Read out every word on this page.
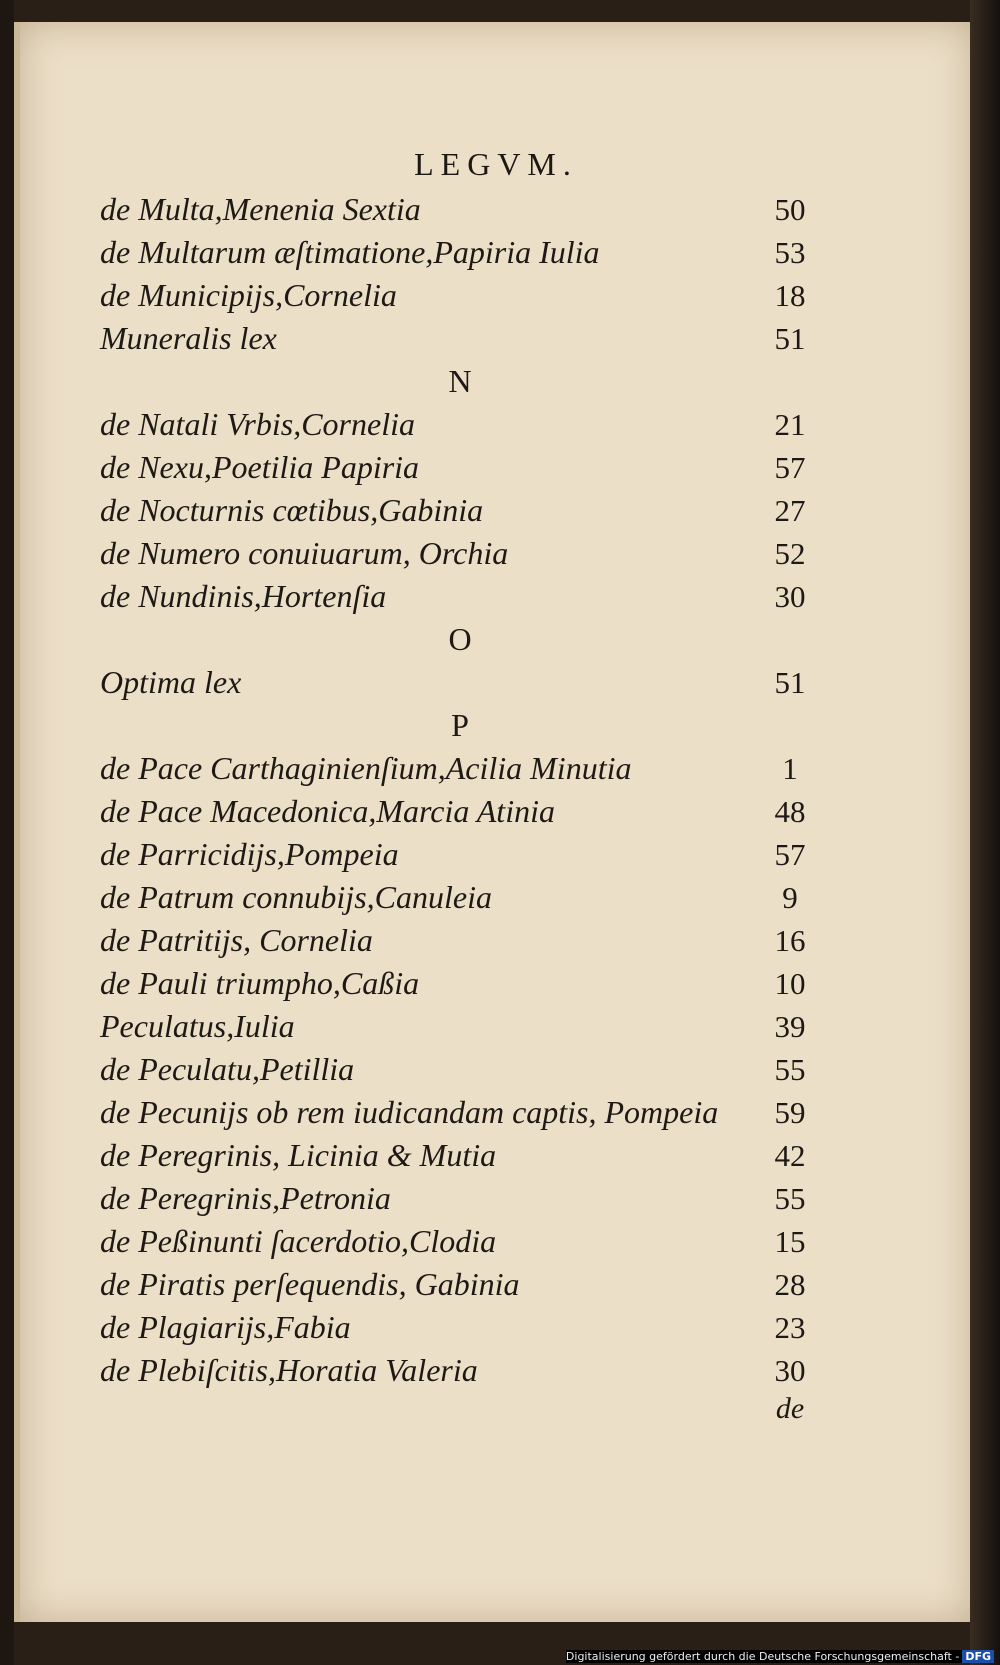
LEGVM.
de Multa,Menenia Sextia	50
de Multarum æſtimatione,Papiria Iulia	53
de Municipijs,Cornelia	18
Muneralis lex	51
N
de Natali Vrbis,Cornelia	21
de Nexu,Poetilia Papiria	57
de Nocturnis cœtibus,Gabinia	27
de Numero conuiuarum, Orchia	52
de Nundinis,Hortenſia	30
O
Optima lex	51
P
de Pace Carthaginienſium,Acilia Minutia	1
de Pace Macedonica,Marcia Atinia	48
de Parricidijs,Pompeia	57
de Patrum connubijs,Canuleia	9
de Patritijs, Cornelia	16
de Pauli triumpho,Caßia	10
Peculatus,Iulia	39
de Peculatu,Petillia	55
de Pecunijs ob rem iudicandam captis, Pompeia	59
de Peregrinis, Licinia & Mutia	42
de Peregrinis,Petronia	55
de Peßinunti ſacerdotio,Clodia	15
de Piratis perſequendis, Gabinia	28
de Plagiarijs,Fabia	23
de Plebiſcitis,Horatia Valeria	30
de
Digitalisierung gefördert durch die Deutsche Forschungsgemeinschaft - DFG
